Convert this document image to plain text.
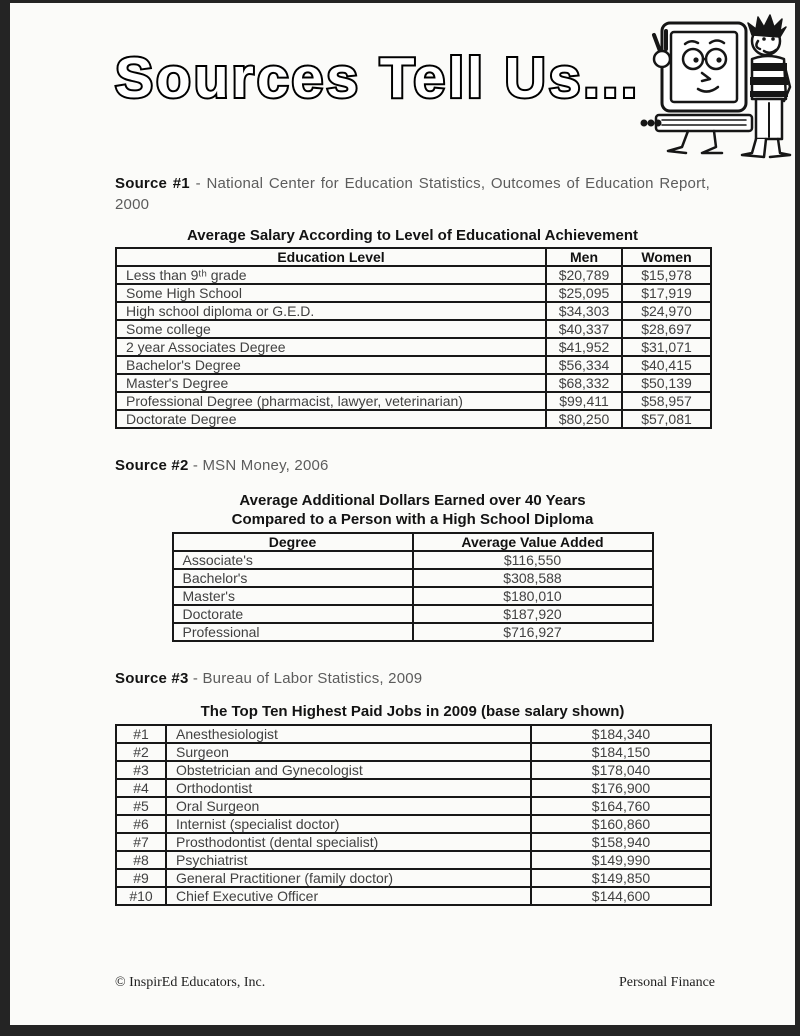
Sources Tell Us...

Source #1 - National Center for Education Statistics, Outcomes of Education Report, 2000

Average Salary According to Level of Educational Achievement

Education Level	Men	Women
Less than 9ᵗʰ grade	$20,789	$15,978
Some High School	$25,095	$17,919
High school diploma or G.E.D.	$34,303	$24,970
Some college	$40,337	$28,697
2 year Associates Degree	$41,952	$31,071
Bachelor's Degree	$56,334	$40,415
Master's Degree	$68,332	$50,139
Professional Degree (pharmacist, lawyer, veterinarian)	$99,411	$58,957
Doctorate Degree	$80,250	$57,081

Source #2 - MSN Money, 2006

Average Additional Dollars Earned over 40 Years

Compared to a Person with a High School Diploma

Degree	Average Value Added
Associate's	$116,550
Bachelor's	$308,588
Master's	$180,010
Doctorate	$187,920
Professional	$716,927

Source #3 - Bureau of Labor Statistics, 2009

The Top Ten Highest Paid Jobs in 2009 (base salary shown)

#1	Anesthesiologist	$184,340
#2	Surgeon	$184,150
#3	Obstetrician and Gynecologist	$178,040
#4	Orthodontist	$176,900
#5	Oral Surgeon	$164,760
#6	Internist (specialist doctor)	$160,860
#7	Prosthodontist (dental specialist)	$158,940
#8	Psychiatrist	$149,990
#9	General Practitioner (family doctor)	$149,850
#10	Chief Executive Officer	$144,600
© InspirEd Educators, Inc.	Personal Finance
